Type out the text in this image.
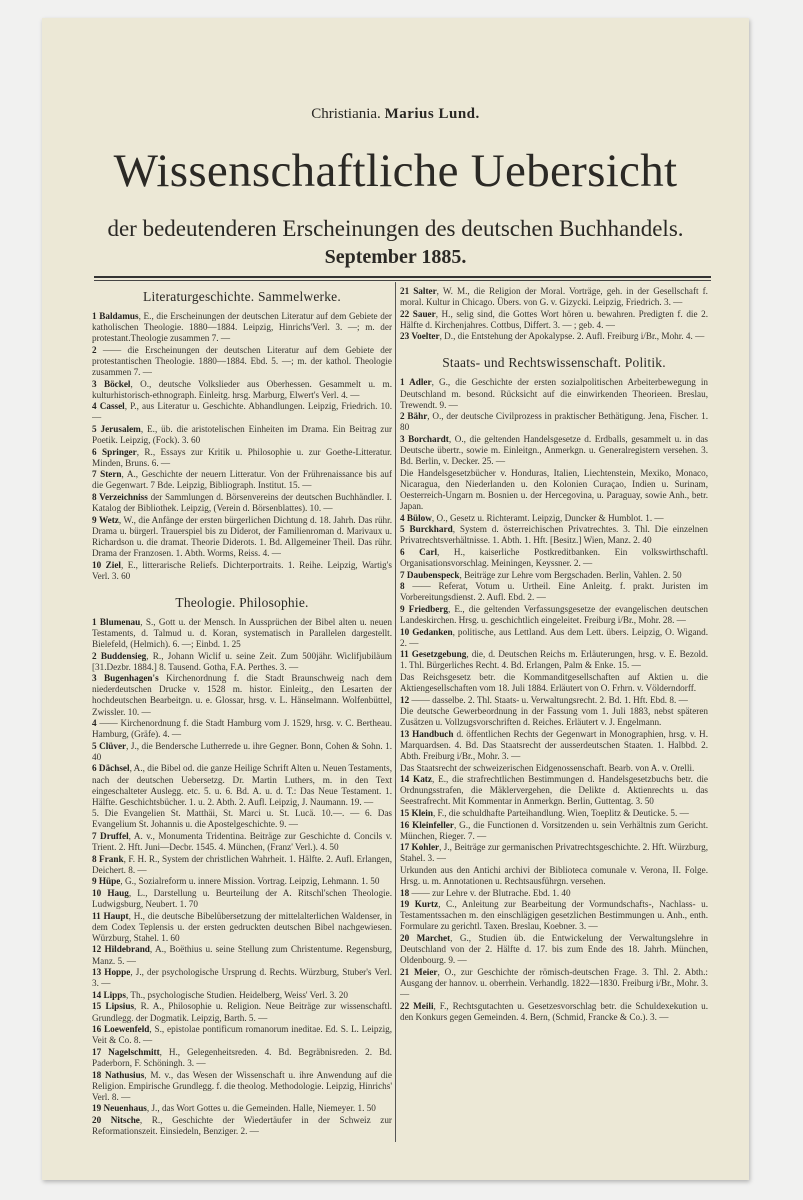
Christiania. Marius Lund.
Wissenschaftliche Uebersicht
der bedeutenderen Erscheinungen des deutschen Buchhandels.
September 1885.
Literaturgeschichte. Sammelwerke.
1 Baldamus, E., die Erscheinungen der deutschen Literatur auf dem Gebiete der katholischen Theologie. 1880—1884. Leipzig, Hinrichs'Verl. 3. —; m. der protestant.Theologie zusammen 7. —
2 —— die Erscheinungen der deutschen Literatur auf dem Gebiete der protestantischen Theologie. 1880—1884. Ebd. 5. —; m. der kathol. Theologie zusammen 7. —
3 Böckel, O., deutsche Volkslieder aus Oberhessen. Gesammelt u. m. kulturhistorisch-ethnograph. Einleitg. hrsg. Marburg, Elwert's Verl. 4. —
4 Cassel, P., aus Literatur u. Geschichte. Abhandlungen. Leipzig, Friedrich. 10. —
5 Jerusalem, E., üb. die aristotelischen Einheiten im Drama. Ein Beitrag zur Poetik. Leipzig, (Fock). 3. 60
6 Springer, R., Essays zur Kritik u. Philosophie u. zur Goethe-Litteratur. Minden, Bruns. 6. —
7 Stern, A., Geschichte der neuern Litteratur. Von der Frührenaissance bis auf die Gegenwart. 7 Bde. Leipzig, Bibliograph. Institut. 15. —
8 Verzeichniss der Sammlungen d. Börsenvereins der deutschen Buchhändler. I. Katalog der Bibliothek. Leipzig, (Verein d. Börsenblattes). 10. —
9 Wetz, W., die Anfänge der ersten bürgerlichen Dichtung d. 18. Jahrh. Das rühr. Drama u. bürgerl. Trauerspiel bis zu Diderot, der Familienroman d. Marivaux u. Richardson u. die dramat. Theorie Diderots. 1. Bd. Allgemeiner Theil. Das rühr. Drama der Franzosen. 1. Abth. Worms, Reiss. 4. —
10 Ziel, E., litterarische Reliefs. Dichterportraits. 1. Reihe. Leipzig, Wartig's Verl. 3. 60
Theologie. Philosophie.
1 Blumenau, S., Gott u. der Mensch. In Aussprüchen der Bibel alten u. neuen Testaments, d. Talmud u. d. Koran, systematisch in Parallelen dargestellt. Bielefeld, (Helmich). 6. —; Einbd. 1. 25
2 Buddensieg, R., Johann Wiclif u. seine Zeit. Zum 500jähr. Wiclifjubiläum [31.Dezbr. 1884.] 8. Tausend. Gotha, F.A. Perthes. 3. —
3 Bugenhagen's Kirchenordnung f. die Stadt Braunschweig nach dem niederdeutschen Drucke v. 1528 m. histor. Einleitg., den Lesarten der hochdeutschen Bearbeitgn. u. e. Glossar, hrsg. v. L. Hänselmann. Wolfenbüttel, Zwissler. 10. —
4 —— Kirchenordnung f. die Stadt Hamburg vom J. 1529, hrsg. v. C. Bertheau. Hamburg, (Gräfe). 4. —
5 Clüver, J., die Bendersche Lutherrede u. ihre Gegner. Bonn, Cohen & Sohn. 1. 40
6 Dächsel, A., die Bibel od. die ganze Heilige Schrift Alten u. Neuen Testaments, nach der deutschen Uebersetzg. Dr. Martin Luthers, m. in den Text eingeschalteter Auslegg. etc. 5. u. 6. Bd. A. u. d. T.: Das Neue Testament. 1. Hälfte. Geschichtsbücher. 1. u. 2. Abth. 2. Aufl. Leipzig, J. Naumann. 19. —
5. Die Evangelien St. Matthäi, St. Marci u. St. Lucä. 10.—. — 6. Das Evangelium St. Johannis u. die Apostelgeschichte. 9. —
7 Druffel, A. v., Monumenta Tridentina. Beiträge zur Geschichte d. Concils v. Trient. 2. Hft. Juni—Decbr. 1545. 4. München, (Franz' Verl.). 4. 50
8 Frank, F. H. R., System der christlichen Wahrheit. 1. Hälfte. 2. Aufl. Erlangen, Deichert. 8. —
9 Hüpe, G., Sozialreform u. innere Mission. Vortrag. Leipzig, Lehmann. 1. 50
10 Haug, L., Darstellung u. Beurteilung der A. Ritschl'schen Theologie. Ludwigsburg, Neubert. 1. 70
11 Haupt, H., die deutsche Bibelübersetzung der mittelalterlichen Waldenser, in dem Codex Teplensis u. der ersten gedruckten deutschen Bibel nachgewiesen. Würzburg, Stahel. 1. 60
12 Hildebrand, A., Boëthius u. seine Stellung zum Christentume. Regensburg, Manz. 5. —
13 Hoppe, J., der psychologische Ursprung d. Rechts. Würzburg, Stuber's Verl. 3. —
14 Lipps, Th., psychologische Studien. Heidelberg, Weiss' Verl. 3. 20
15 Lipsius, R. A., Philosophie u. Religion. Neue Beiträge zur wissenschaftl. Grundlegg. der Dogmatik. Leipzig, Barth. 5. —
16 Loewenfeld, S., epistolae pontificum romanorum ineditae. Ed. S. L. Leipzig, Veit & Co. 8. —
17 Nagelschmitt, H., Gelegenheitsreden. 4. Bd. Begräbnisreden. 2. Bd. Paderborn, F. Schöningh. 3. —
18 Nathusius, M. v., das Wesen der Wissenschaft u. ihre Anwendung auf die Religion. Empirische Grundlegg. f. die theolog. Methodologie. Leipzig, Hinrichs' Verl. 8. —
19 Neuenhaus, J., das Wort Gottes u. die Gemeinden. Halle, Niemeyer. 1. 50
20 Nitsche, R., Geschichte der Wiedertäufer in der Schweiz zur Reformationszeit. Einsiedeln, Benziger. 2. —
21 Salter, W. M., die Religion der Moral. Vorträge, geh. in der Gesellschaft f. moral. Kultur in Chicago. Übers. von G. v. Gizycki. Leipzig, Friedrich. 3. —
22 Sauer, H., selig sind, die Gottes Wort hören u. bewahren. Predigten f. die 2. Hälfte d. Kirchenjahres. Cottbus, Differt. 3. — ; geb. 4. —
23 Voelter, D., die Entstehung der Apokalypse. 2. Aufl. Freiburg i/Br., Mohr. 4. —
Staats- und Rechtswissenschaft. Politik.
1 Adler, G., die Geschichte der ersten sozialpolitischen Arbeiterbewegung in Deutschland m. besond. Rücksicht auf die einwirkenden Theorieen. Breslau, Trewendt. 9. —
2 Bähr, O., der deutsche Civilprozess in praktischer Bethätigung. Jena, Fischer. 1. 80
3 Borchardt, O., die geltenden Handelsgesetze d. Erdballs, gesammelt u. in das Deutsche übertr., sowie m. Einleitgn., Anmerkgn. u. Generalregistern versehen. 3. Bd. Berlin, v. Decker. 25. —
Die Handelsgesetzbücher v. Honduras, Italien, Liechtenstein, Mexiko, Monaco, Nicaragua, den Niederlanden u. den Kolonien Curaçao, Indien u. Surinam, Oesterreich-Ungarn m. Bosnien u. der Hercegovina, u. Paraguay, sowie Anh., betr. Japan.
4 Bülow, O., Gesetz u. Richteramt. Leipzig, Duncker & Humblot. 1. —
5 Burckhard, System d. österreichischen Privatrechtes. 3. Thl. Die einzelnen Privatrechtsverhältnisse. 1. Abth. 1. Hft. [Besitz.] Wien, Manz. 2. 40
6 Carl, H., kaiserliche Postkreditbanken. Ein volkswirthschaftl. Organisationsvorschlag. Meiningen, Keyssner. 2. —
7 Daubenspeck, Beiträge zur Lehre vom Bergschaden. Berlin, Vahlen. 2. 50
8 —— Referat, Votum u. Urtheil. Eine Anleitg. f. prakt. Juristen im Vorbereitungsdienst. 2. Aufl. Ebd. 2. —
9 Friedberg, E., die geltenden Verfassungsgesetze der evangelischen deutschen Landeskirchen. Hrsg. u. geschichtlich eingeleitet. Freiburg i/Br., Mohr. 28. —
10 Gedanken, politische, aus Lettland. Aus dem Lett. übers. Leipzig, O. Wigand. 2. —
11 Gesetzgebung, die, d. Deutschen Reichs m. Erläuterungen, hrsg. v. E. Bezold. 1. Thl. Bürgerliches Recht. 4. Bd. Erlangen, Palm & Enke. 15. —
Das Reichsgesetz betr. die Kommanditgesellschaften auf Aktien u. die Aktiengesellschaften vom 18. Juli 1884. Erläutert von O. Frhrn. v. Völderndorff.
12 —— dasselbe. 2. Thl. Staats- u. Verwaltungsrecht. 2. Bd. 1. Hft. Ebd. 8. —
Die deutsche Gewerbeordnung in der Fassung vom 1. Juli 1883, nebst späteren Zusätzen u. Vollzugsvorschriften d. Reiches. Erläutert v. J. Engelmann.
13 Handbuch d. öffentlichen Rechts der Gegenwart in Monographien, hrsg. v. H. Marquardsen. 4. Bd. Das Staatsrecht der ausserdeutschen Staaten. 1. Halbbd. 2. Abth. Freiburg i/Br., Mohr. 3. —
Das Staatsrecht der schweizerischen Eidgenossenschaft. Bearb. von A. v. Orelli.
14 Katz, E., die strafrechtlichen Bestimmungen d. Handelsgesetzbuchs betr. die Ordnungsstrafen, die Mäklervergehen, die Delikte d. Aktienrechts u. das Seestrafrecht. Mit Kommentar in Anmerkgn. Berlin, Guttentag. 3. 50
15 Klein, F., die schuldhafte Parteihandlung. Wien, Toeplitz & Deuticke. 5. —
16 Kleinfeller, G., die Functionen d. Vorsitzenden u. sein Verhältnis zum Gericht. München, Rieger. 7. —
17 Kohler, J., Beiträge zur germanischen Privatrechtsgeschichte. 2. Hft. Würzburg, Stahel. 3. —
Urkunden aus den Antichi archivi der Biblioteca comunale v. Verona, II. Folge. Hrsg. u. m. Annotationen u. Rechtsausführgn. versehen.
18 —— zur Lehre v. der Blutrache. Ebd. 1. 40
19 Kurtz, C., Anleitung zur Bearbeitung der Vormundschafts-, Nachlass- u. Testamentssachen m. den einschlägigen gesetzlichen Bestimmungen u. Anh., enth. Formulare zu gerichtl. Taxen. Breslau, Koebner. 3. —
20 Marchet, G., Studien üb. die Entwickelung der Verwaltungslehre in Deutschland von der 2. Hälfte d. 17. bis zum Ende des 18. Jahrh. München, Oldenbourg. 9. —
21 Meier, O., zur Geschichte der römisch-deutschen Frage. 3. Thl. 2. Abth.: Ausgang der hannov. u. oberrhein. Verhandlg. 1822—1830. Freiburg i/Br., Mohr. 3. —
22 Meili, F., Rechtsgutachten u. Gesetzesvorschlag betr. die Schuldexekution u. den Konkurs gegen Gemeinden. 4. Bern, (Schmid, Francke & Co.). 3. —
